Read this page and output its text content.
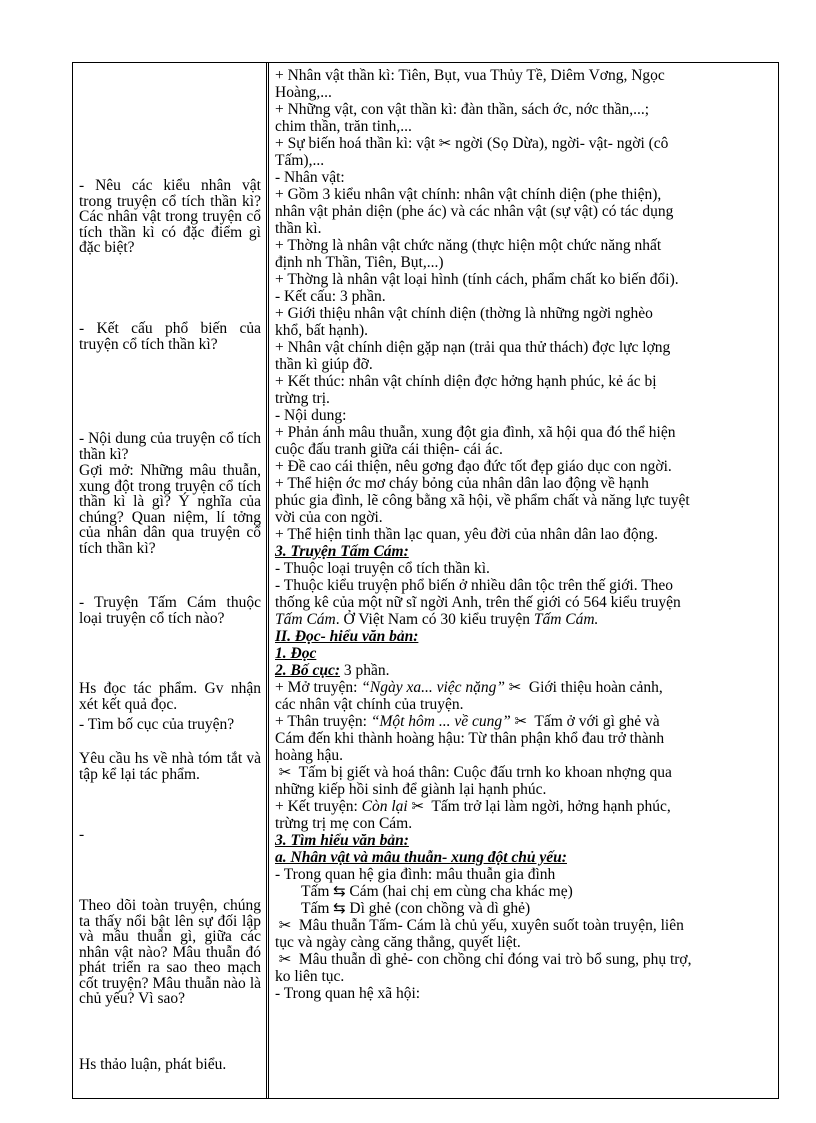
- Nêu các kiểu nhân vật trong truyện cổ tích thần kì? Các nhân vật trong truyện cổ tích thần kì có đặc điểm gì đặc biệt?

- Kết cấu phổ biến của truyện cổ tích thần kì?

- Nội dung của truyện cổ tích thần kì?

Gợi mở: Những mâu thuẫn, xung đột trong truyện cổ tích thần kì là gì? Ý nghĩa của chúng? Quan niệm, lí tởng của nhân dân qua truyện cổ tích thần kì?

- Truyện Tấm Cám thuộc loại truyện cổ tích nào?

Hs đọc tác phẩm. Gv nhận xét kết quả đọc.

- Tìm bố cục của truyện?

Yêu cầu hs về nhà tóm tắt và tập kể lại tác phẩm.

-

Theo dõi toàn truyện, chúng ta thấy nổi bật lên sự đối lập và mâu thuẫn gì, giữa các nhân vật nào? Mâu thuẫn đó phát triển ra sao theo mạch cốt truyện? Mâu thuẫn nào là chủ yếu? Vì sao?

Hs thảo luận, phát biểu.

+ Nhân vật thần kì: Tiên, Bụt, vua Thủy Tề, Diêm Vơng, Ngọc

Hoàng,...

+ Những vật, con vật thần kì: đàn thần, sách ớc, nớc thần,...;

chim thần, trăn tinh,...

+ Sự biến hoá thần kì: vật ✂ ngời (Sọ Dừa), ngời- vật- ngời (cô

Tấm),...

- Nhân vật:

+ Gồm 3 kiểu nhân vật chính: nhân vật chính diện (phe thiện),

nhân vật phản diện (phe ác) và các nhân vật (sự vật) có tác dụng

thần kì.

+ Thờng là nhân vật chức năng (thực hiện một chức năng nhất

định nh Thần, Tiên, Bụt,...)

+ Thờng là nhân vật loại hình (tính cách, phẩm chất ko biến đổi).

- Kết cấu: 3 phần.

+ Giới thiệu nhân vật chính diện (thờng là những ngời nghèo

khổ, bất hạnh).

+ Nhân vật chính diện gặp nạn (trải qua thử thách) đợc lực lợng

thần kì giúp đỡ.

+ Kết thúc: nhân vật chính diện đợc hởng hạnh phúc, kẻ ác bị

trừng trị.

- Nội dung:

+ Phản ánh mâu thuẫn, xung đột gia đình, xã hội qua đó thể hiện

cuộc đấu tranh giữa cái thiện- cái ác.

+ Đề cao cái thiện, nêu gơng đạo đức tốt đẹp giáo dục con ngời.

+ Thể hiện ớc mơ cháy bỏng của nhân dân lao động về hạnh

phúc gia đình, lẽ công bằng xã hội, về phẩm chất và năng lực tuyệt

vời của con ngời.

+ Thể hiện tinh thần lạc quan, yêu đời của nhân dân lao động.

3. Truyện Tấm Cám:

- Thuộc loại truyện cổ tích thần kì.

- Thuộc kiểu truyện phổ biến ở nhiều dân tộc trên thế giới. Theo

thống kê của một nữ sĩ ngời Anh, trên thế giới có 564 kiểu truyện

Tấm Cám. Ở Việt Nam có 30 kiểu truyện Tấm Cám.

II. Đọc- hiểu văn bản:

1. Đọc

2. Bố cục: 3 phần.

+ Mở truyện: “Ngày xa... việc nặng” ✂ Giới thiệu hoàn cảnh,

các nhân vật chính của truyện.

+ Thân truyện: “Một hôm ... về cung” ✂ Tấm ở với gì ghẻ và

Cám đến khi thành hoàng hậu: Từ thân phận khổ đau trở thành

hoàng hậu.

✂ Tấm bị giết và hoá thân: Cuộc đấu trnh ko khoan nhợng qua

những kiếp hồi sinh để giành lại hạnh phúc.

+ Kết truyện: Còn lại ✂ Tấm trở lại làm ngời, hởng hạnh phúc,

trừng trị mẹ con Cám.

3. Tìm hiểu văn bản:

a. Nhân vật và mâu thuẫn- xung đột chủ yếu:

- Trong quan hệ gia đình: mâu thuẫn gia đình

Tấm ⇆ Cám (hai chị em cùng cha khác mẹ)

Tấm ⇆ Dì ghẻ (con chồng và dì ghẻ)

✂ Mâu thuẫn Tấm- Cám là chủ yếu, xuyên suốt toàn truyện, liên

tục và ngày càng căng thẳng, quyết liệt.

✂ Mâu thuẫn dì ghẻ- con chồng chỉ đóng vai trò bổ sung, phụ trợ,

ko liên tục.

- Trong quan hệ xã hội:
